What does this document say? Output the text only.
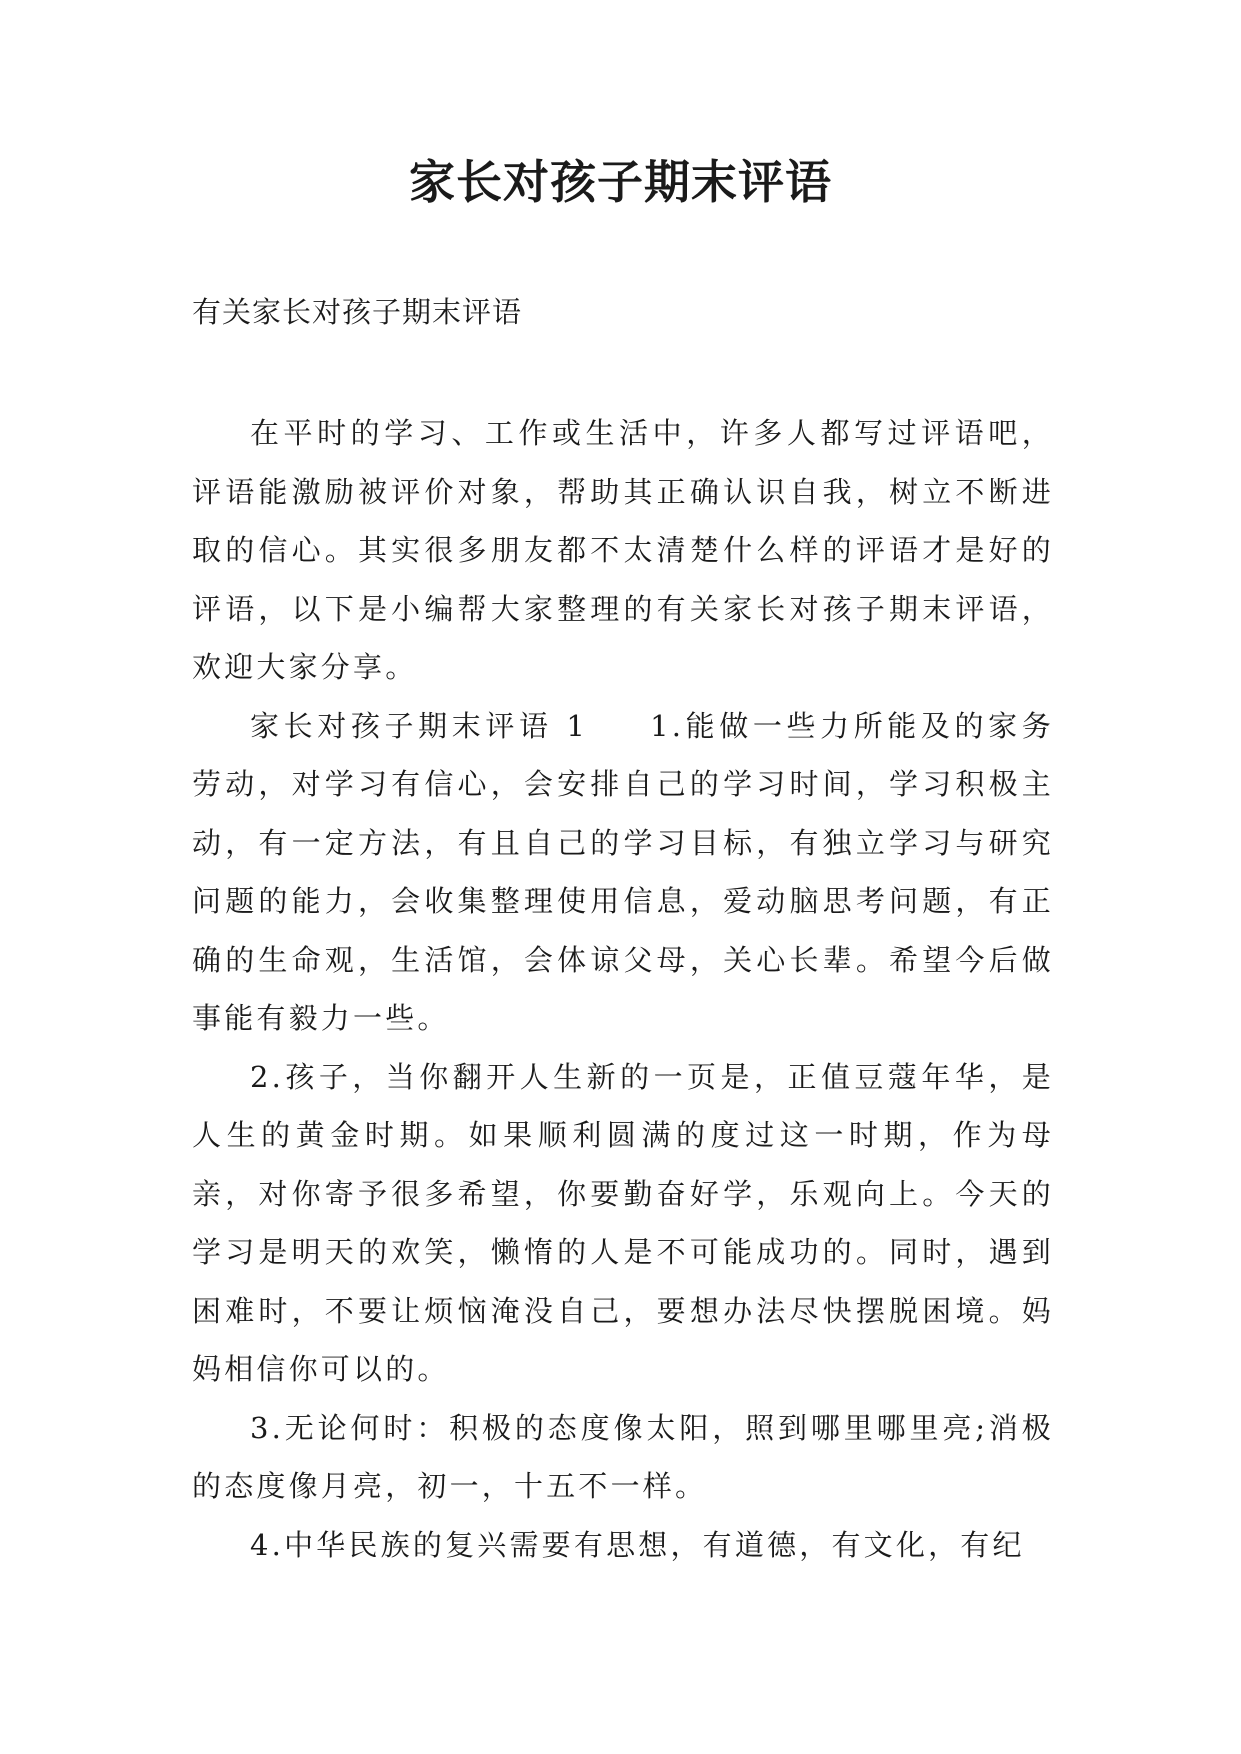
家长对孩子期末评语

有关家长对孩子期末评语

在平时的学习、工作或生活中，许多人都写过评语吧，评语能激励被评价对象，帮助其正确认识自我，树立不断进取的信心。其实很多朋友都不太清楚什么样的评语才是好的评语，以下是小编帮大家整理的有关家长对孩子期末评语，欢迎大家分享。

家长对孩子期末评语 1 1.能做一些力所能及的家务劳动，对学习有信心，会安排自己的学习时间，学习积极主动，有一定方法，有且自己的学习目标，有独立学习与研究问题的能力，会收集整理使用信息，爱动脑思考问题，有正确的生命观，生活馆，会体谅父母，关心长辈。希望今后做事能有毅力一些。

2.孩子，当你翻开人生新的一页是，正值豆蔻年华，是人生的黄金时期。如果顺利圆满的度过这一时期，作为母亲，对你寄予很多希望，你要勤奋好学，乐观向上。今天的学习是明天的欢笑，懒惰的人是不可能成功的。同时，遇到困难时，不要让烦恼淹没自己，要想办法尽快摆脱困境。妈妈相信你可以的。

3.无论何时：积极的态度像太阳，照到哪里哪里亮;消极的态度像月亮，初一，十五不一样。

4.中华民族的复兴需要有思想，有道德，有文化，有纪
